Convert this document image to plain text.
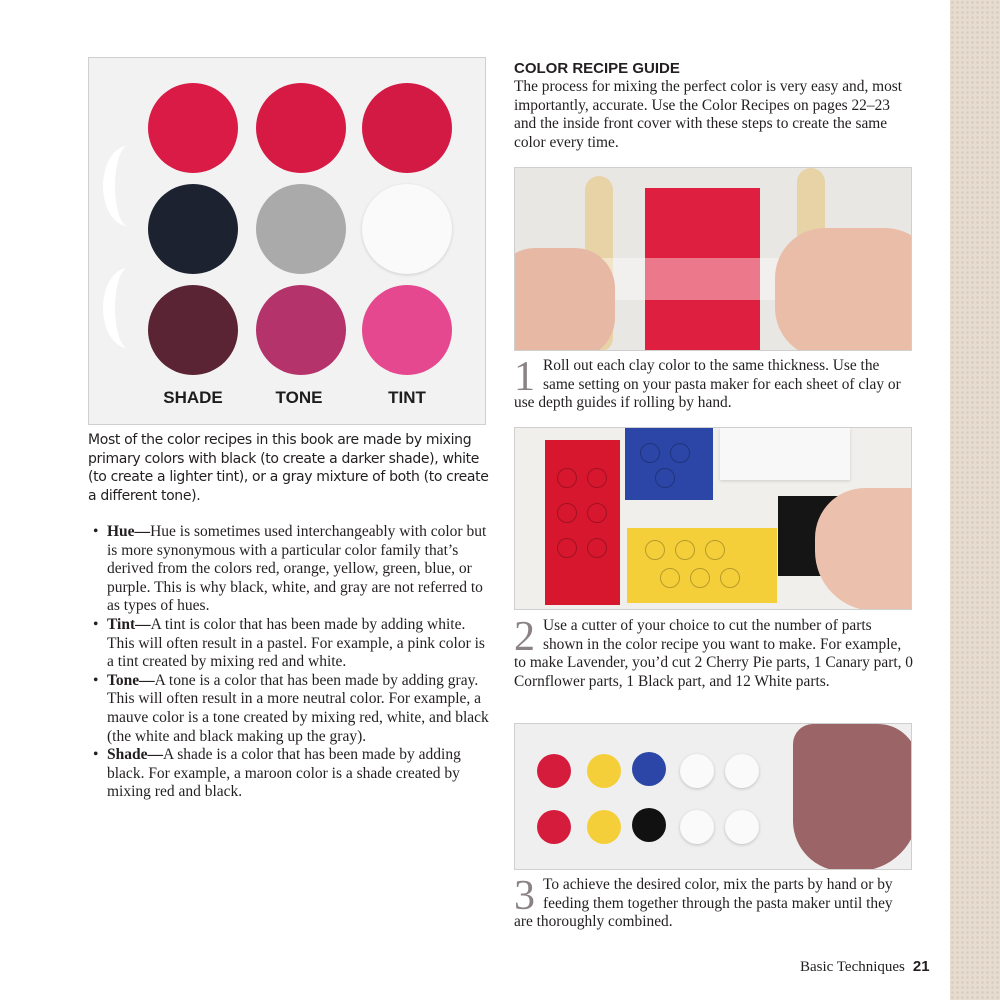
SHADE	TONE	TINT

Most of the color recipes in this book are made by mixing primary colors with black (to create a darker shade), white (to create a lighter tint), or a gray mixture of both (to create a different tone).

• Hue—Hue is sometimes used interchangeably with color but is more synonymous with a particular color family that’s derived from the colors red, orange, yellow, green, blue, or purple. This is why black, white, and gray are not referred to as types of hues.
• Tint—A tint is color that has been made by adding white. This will often result in a pastel. For example, a pink color is a tint created by mixing red and white.
• Tone—A tone is a color that has been made by adding gray. This will often result in a more neutral color. For example, a mauve color is a tone created by mixing red, white, and black (the white and black making up the gray).
• Shade—A shade is a color that has been made by adding black. For example, a maroon color is a shade created by mixing red and black.
COLOR RECIPE GUIDE

The process for mixing the perfect color is very easy and, most importantly, accurate. Use the Color Recipes on pages 22–23 and the inside front cover with these steps to create the same color every time.

1 Roll out each clay color to the same thickness. Use the same setting on your pasta maker for each sheet of clay or use depth guides if rolling by hand.
2 Use a cutter of your choice to cut the number of parts shown in the color recipe you want to make. For example, to make Lavender, you’d cut 2 Cherry Pie parts, 1 Canary part, 0 Cornflower parts, 1 Black part, and 12 White parts.
3 To achieve the desired color, mix the parts by hand or by feeding them together through the pasta maker until they are thoroughly combined.
Basic Techniques 21
